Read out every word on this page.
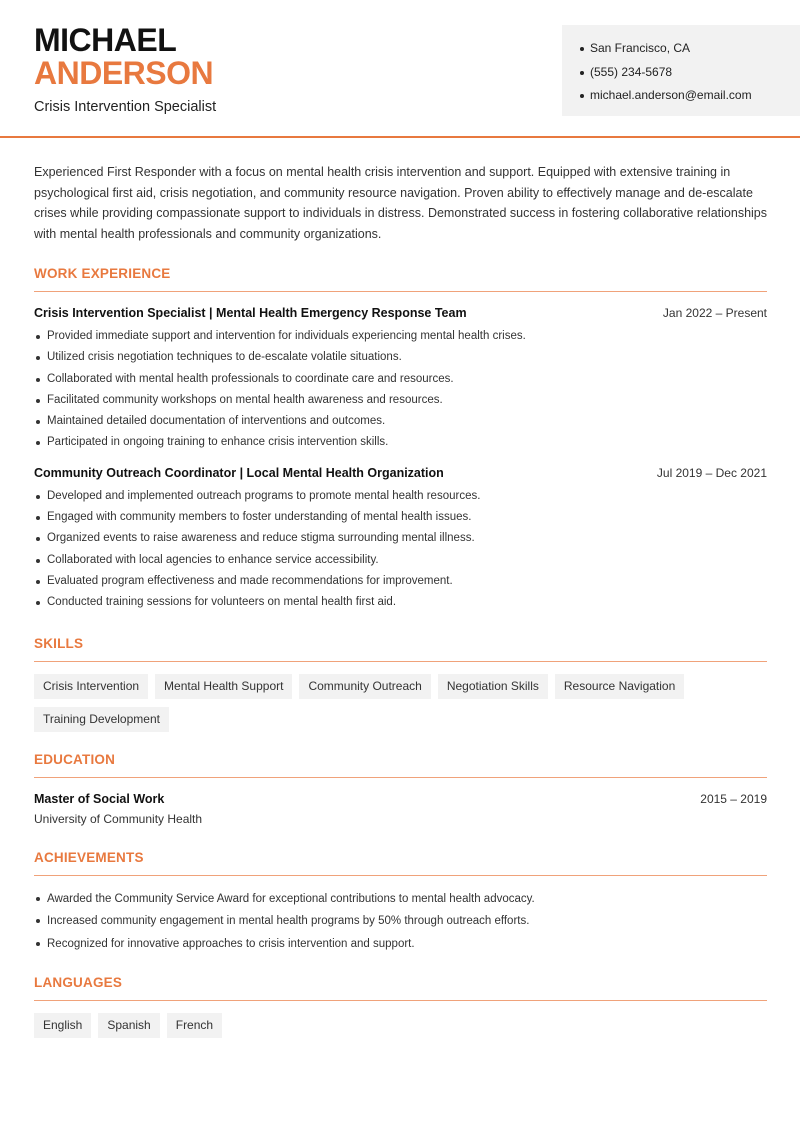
MICHAEL
ANDERSON
Crisis Intervention Specialist
San Francisco, CA
(555) 234-5678
michael.anderson@email.com

Experienced First Responder with a focus on mental health crisis intervention and support. Equipped with extensive training in psychological first aid, crisis negotiation, and community resource navigation. Proven ability to effectively manage and de-escalate crises while providing compassionate support to individuals in distress. Demonstrated success in fostering collaborative relationships with mental health professionals and community organizations.

WORK EXPERIENCE
Crisis Intervention Specialist | Mental Health Emergency Response Team	Jan 2022 – Present
Provided immediate support and intervention for individuals experiencing mental health crises.
Utilized crisis negotiation techniques to de-escalate volatile situations.
Collaborated with mental health professionals to coordinate care and resources.
Facilitated community workshops on mental health awareness and resources.
Maintained detailed documentation of interventions and outcomes.
Participated in ongoing training to enhance crisis intervention skills.
Community Outreach Coordinator | Local Mental Health Organization	Jul 2019 – Dec 2021
Developed and implemented outreach programs to promote mental health resources.
Engaged with community members to foster understanding of mental health issues.
Organized events to raise awareness and reduce stigma surrounding mental illness.
Collaborated with local agencies to enhance service accessibility.
Evaluated program effectiveness and made recommendations for improvement.
Conducted training sessions for volunteers on mental health first aid.
SKILLS
Crisis Intervention	Mental Health Support	Community Outreach	Negotiation Skills	Resource Navigation
Training Development
EDUCATION
Master of Social Work	2015 – 2019
University of Community Health
ACHIEVEMENTS
Awarded the Community Service Award for exceptional contributions to mental health advocacy.
Increased community engagement in mental health programs by 50% through outreach efforts.
Recognized for innovative approaches to crisis intervention and support.
LANGUAGES
English	Spanish	French
